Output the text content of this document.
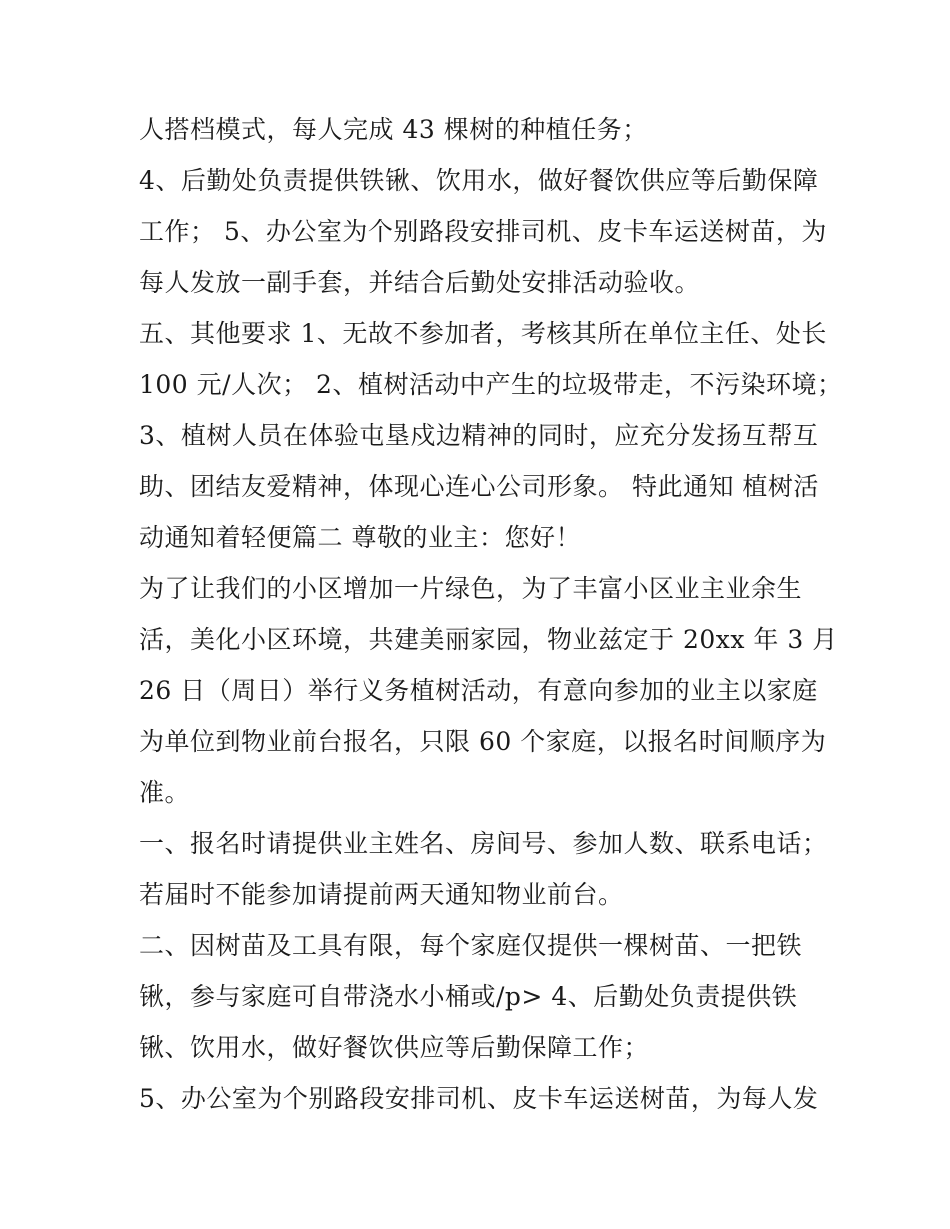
人搭档模式，每人完成 43 棵树的种植任务；
4、后勤处负责提供铁锹、饮用水，做好餐饮供应等后勤保障
工作； 5、办公室为个别路段安排司机、皮卡车运送树苗，为
每人发放一副手套，并结合后勤处安排活动验收。
五、其他要求 1、无故不参加者，考核其所在单位主任、处长
100 元/人次； 2、植树活动中产生的垃圾带走，不污染环境；
3、植树人员在体验屯垦戍边精神的同时，应充分发扬互帮互
助、团结友爱精神，体现心连心公司形象。 特此通知 植树活
动通知着轻便篇二 尊敬的业主：您好！
为了让我们的小区增加一片绿色，为了丰富小区业主业余生
活，美化小区环境，共建美丽家园，物业兹定于 20xx 年 3 月
26 日（周日）举行义务植树活动，有意向参加的业主以家庭
为单位到物业前台报名，只限 60 个家庭，以报名时间顺序为
准。
一、报名时请提供业主姓名、房间号、参加人数、联系电话；
若届时不能参加请提前两天通知物业前台。
二、因树苗及工具有限，每个家庭仅提供一棵树苗、一把铁
锹，参与家庭可自带浇水小桶或/p> 4、后勤处负责提供铁
锹、饮用水，做好餐饮供应等后勤保障工作；
5、办公室为个别路段安排司机、皮卡车运送树苗，为每人发
